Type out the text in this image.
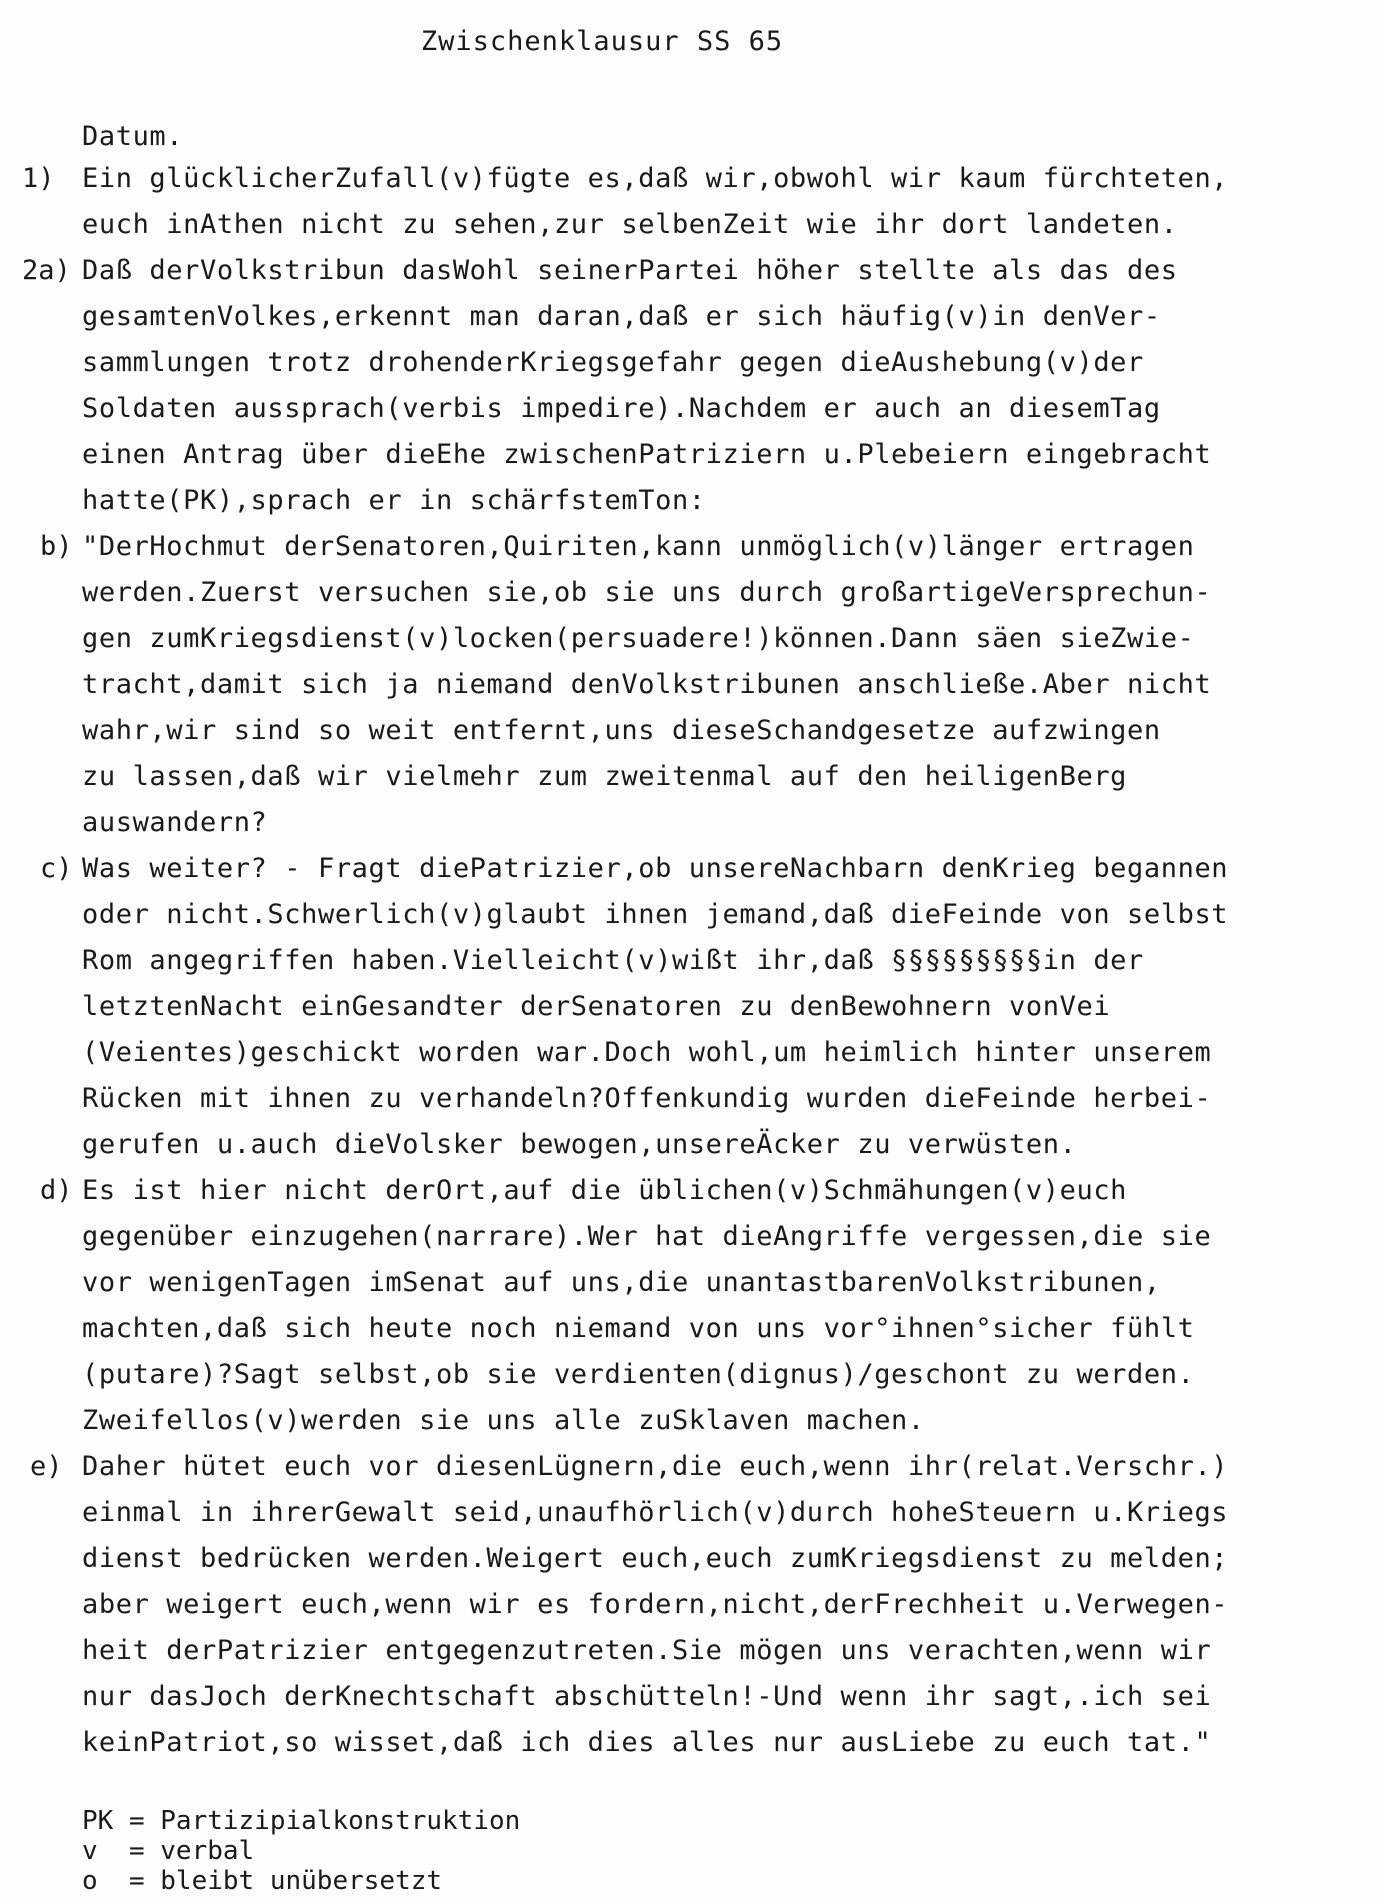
Zwischenklausur SS 65
Datum.
1) Ein glücklicherZufall(v)fügte es,daß wir,obwohl wir kaum fürchteten,
euch inAthen nicht zu sehen,zur selbenZeit wie ihr dort landeten.
2a) Daß derVolkstribun dasWohl seinerPartei höher stellte als das des
gesamtenVolkes,erkennt man daran,daß er sich häufig(v)in denVer-
sammlungen trotz drohenderKriegsgefahr gegen dieAushebung(v)der
Soldaten aussprach(verbis impedire).Nachdem er auch an diesemTag
einen Antrag über dieEhe zwischenPatriziern u.Plebeiern eingebracht
hatte(PK),sprach er in schärfstemTon:
b) "DerHochmut derSenatoren,Quiriten,kann unmöglich(v)länger ertragen
werden.Zuerst versuchen sie,ob sie uns durch großartigeVersprechun-
gen zumKriegsdienst(v)locken(persuadere!)können.Dann säen sieZwie-
tracht,damit sich ja niemand denVolkstribunen anschließe.Aber nicht
wahr,wir sind so weit entfernt,uns dieseSchandgesetze aufzwingen
zu lassen,daß wir vielmehr zum zweitenmal auf den heiligenBerg
auswandern?
c) Was weiter? - Fragt diePatrizier,ob unsereNachbarn denKrieg begannen
oder nicht.Schwerlich(v)glaubt ihnen jemand,daß dieFeinde von selbst
Rom angegriffen haben.Vielleicht(v)wißt ihr,daß §§§§§§§§§in der
letztenNacht einGesandter derSenatoren zu denBewohnern vonVei
(Veientes)geschickt worden war.Doch wohl,um heimlich hinter unserem
Rücken mit ihnen zu verhandeln?Offenkundig wurden dieFeinde herbei-
gerufen u.auch dieVolsker bewogen,unsereÄcker zu verwüsten.
d) Es ist hier nicht derOrt,auf die üblichen(v)Schmähungen(v)euch
gegenüber einzugehen(narrare).Wer hat dieAngriffe vergessen,die sie
vor wenigenTagen imSenat auf uns,die unantastbarenVolkstribunen,
machten,daß sich heute noch niemand von uns vor°ihnen°sicher fühlt
(putare)?Sagt selbst,ob sie verdienten(dignus)/geschont zu werden.
Zweifellos(v)werden sie uns alle zuSklaven machen.
e) Daher hütet euch vor diesenLügnern,die euch,wenn ihr(relat.Verschr.)
einmal in ihrerGewalt seid,unaufhörlich(v)durch hoheSteuern u.Kriegs
dienst bedrücken werden.Weigert euch,euch zumKriegsdienst zu melden;
aber weigert euch,wenn wir es fordern,nicht,derFrechheit u.Verwegen-
heit derPatrizier entgegenzutreten.Sie mögen uns verachten,wenn wir
nur dasJoch derKnechtschaft abschütteln!-Und wenn ihr sagt,.ich sei
keinPatriot,so wisset,daß ich dies alles nur ausLiebe zu euch tat."
PK = Partizipialkonstruktion
v  = verbal
o  = bleibt unübersetzt
